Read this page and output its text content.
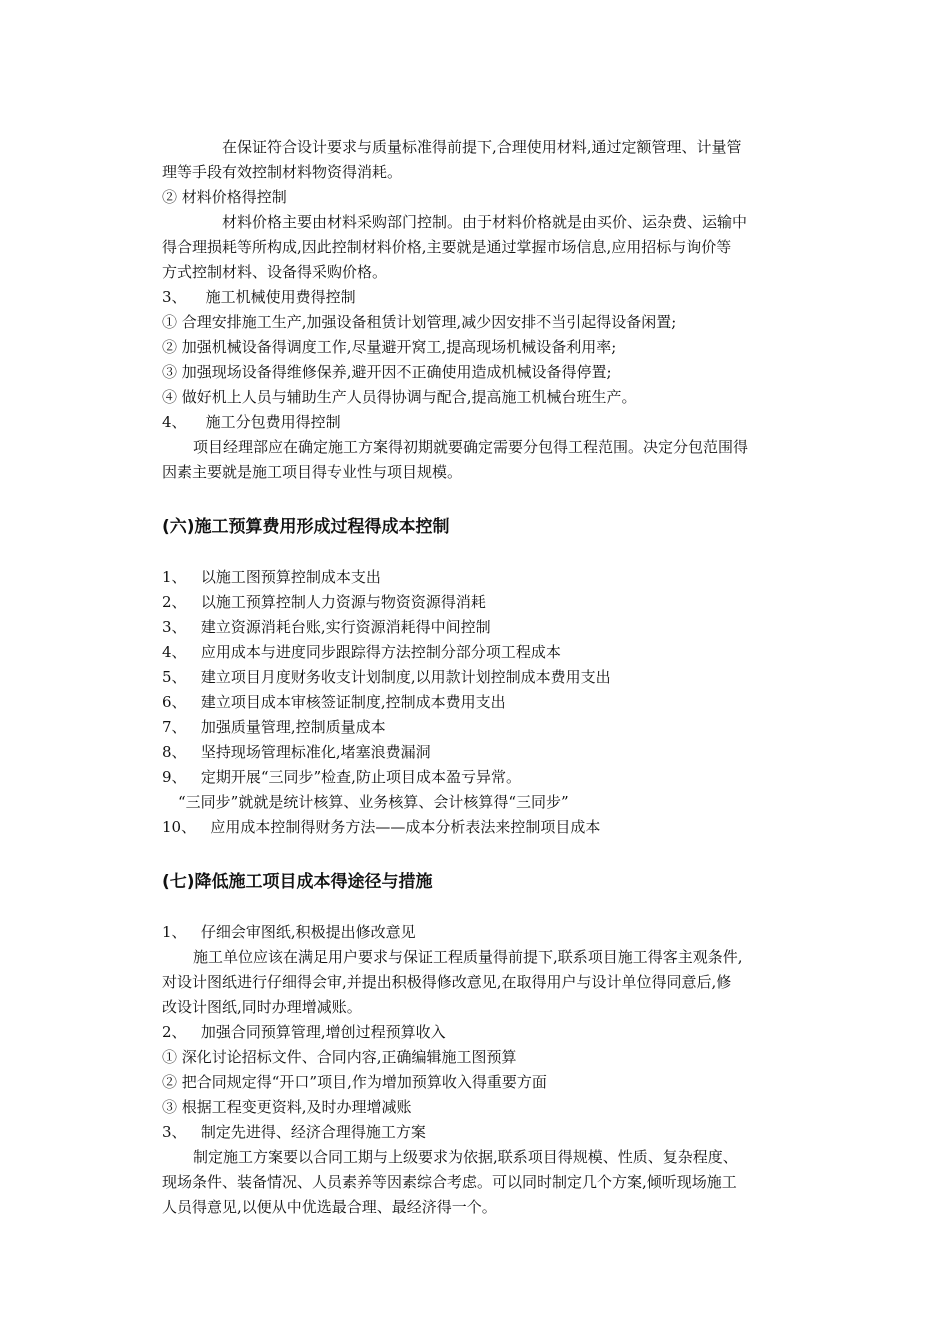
在保证符合设计要求与质量标准得前提下,合理使用材料,通过定额管理、计量管
理等手段有效控制材料物资得消耗。
② 材料价格得控制
材料价格主要由材料采购部门控制。由于材料价格就是由买价、运杂费、运输中
得合理损耗等所构成,因此控制材料价格,主要就是通过掌握市场信息,应用招标与询价等
方式控制材料、设备得采购价格。
3、    施工机械使用费得控制
① 合理安排施工生产,加强设备租赁计划管理,减少因安排不当引起得设备闲置;
② 加强机械设备得调度工作,尽量避开窝工,提高现场机械设备利用率;
③ 加强现场设备得维修保养,避开因不正确使用造成机械设备得停置;
④ 做好机上人员与辅助生产人员得协调与配合,提高施工机械台班生产。
4、    施工分包费用得控制
项目经理部应在确定施工方案得初期就要确定需要分包得工程范围。决定分包范围得
因素主要就是施工项目得专业性与项目规模。
(六)施工预算费用形成过程得成本控制
1、   以施工图预算控制成本支出
2、   以施工预算控制人力资源与物资资源得消耗
3、   建立资源消耗台账,实行资源消耗得中间控制
4、   应用成本与进度同步跟踪得方法控制分部分项工程成本
5、   建立项目月度财务收支计划制度,以用款计划控制成本费用支出
6、   建立项目成本审核签证制度,控制成本费用支出
7、   加强质量管理,控制质量成本
8、   坚持现场管理标准化,堵塞浪费漏洞
9、   定期开展“三同步”检查,防止项目成本盈亏异常。
“三同步”就就是统计核算、业务核算、会计核算得“三同步”
10、   应用成本控制得财务方法——成本分析表法来控制项目成本
(七)降低施工项目成本得途径与措施
1、   仔细会审图纸,积极提出修改意见
施工单位应该在满足用户要求与保证工程质量得前提下,联系项目施工得客主观条件,
对设计图纸进行仔细得会审,并提出积极得修改意见,在取得用户与设计单位得同意后,修
改设计图纸,同时办理增减账。
2、   加强合同预算管理,增创过程预算收入
① 深化讨论招标文件、合同内容,正确编辑施工图预算
② 把合同规定得“开口”项目,作为增加预算收入得重要方面
③ 根据工程变更资料,及时办理增减账
3、   制定先进得、经济合理得施工方案
制定施工方案要以合同工期与上级要求为依据,联系项目得规模、性质、复杂程度、
现场条件、装备情况、人员素养等因素综合考虑。可以同时制定几个方案,倾听现场施工
人员得意见,以便从中优选最合理、最经济得一个。
